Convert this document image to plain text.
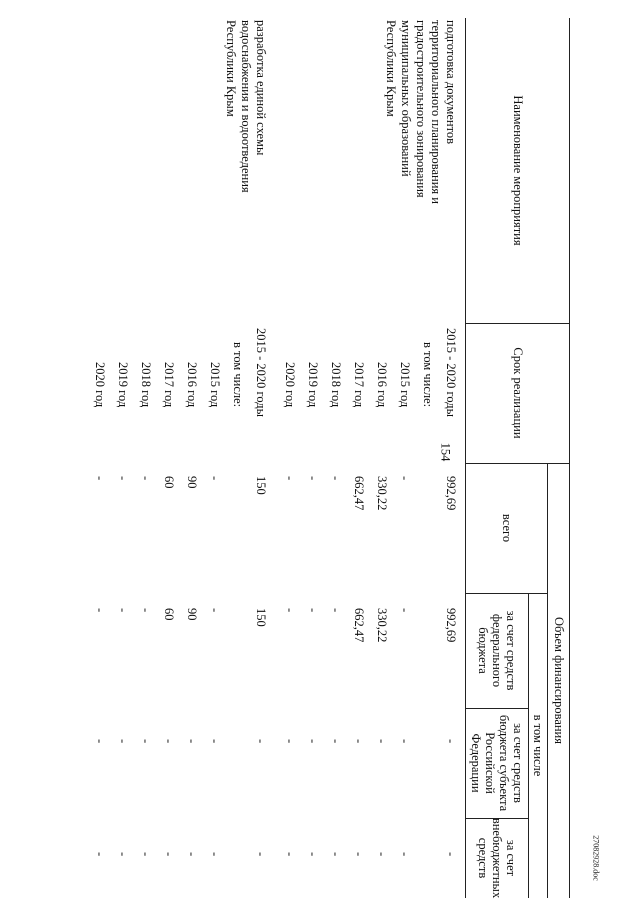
154
27082928.doc
Наименование мероприятия
Срок реализации
Объем финансирования
всего
в том числе
за счет средств федерального бюджета
за счет средств бюджета субъекта Российской Федерации
за счет внебюджетных средств
подготовка документов
территориального планирования и
градостроительного зонирования
муниципальных образований
Республики Крым
2015 - 2020 годы
992,69
992,69
-
-
в том числе:
2015 год
-
-
-
-
2016 год
330,22
330,22
-
-
2017 год
662,47
662,47
-
-
2018 год
-
-
-
-
2019 год
-
-
-
-
2020 год
-
-
-
-
разработка единой схемы
водоснабжения и водоотведения
Республики Крым
2015 - 2020 годы
150
150
-
-
в том числе:
2015 год
-
-
-
-
2016 год
90
90
-
-
2017 год
60
60
-
-
2018 год
-
-
-
-
2019 год
-
-
-
-
2020 год
-
-
-
-
